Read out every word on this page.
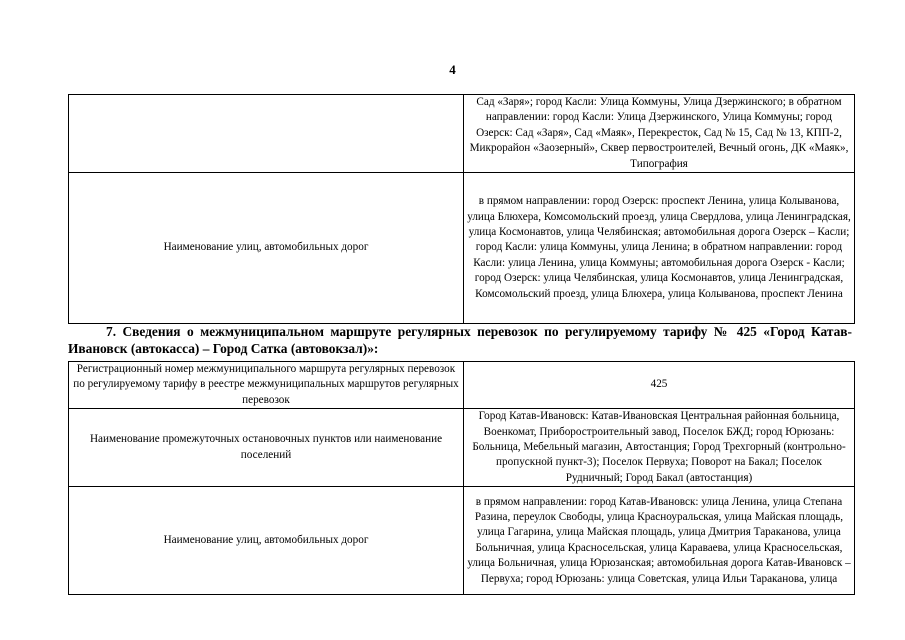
4
	Сад «Заря»; город Касли: Улица Коммуны, Улица Дзержинского; в обратном направлении: город Касли: Улица Дзержинского, Улица Коммуны; город Озерск: Сад «Заря», Сад «Маяк», Перекресток, Сад № 15, Сад № 13, КПП-2, Микрорайон «Заозерный», Сквер первостроителей, Вечный огонь, ДК «Маяк», Типография
Наименование улиц, автомобильных дорог	в прямом направлении: город Озерск: проспект Ленина, улица Колыванова, улица Блюхера, Комсомольский проезд, улица Свердлова, улица Ленинградская, улица Космонавтов, улица Челябинская; автомобильная дорога Озерск – Касли; город Касли: улица Коммуны, улица Ленина; в обратном направлении: город Касли: улица Ленина, улица Коммуны; автомобильная дорога Озерск - Касли; город Озерск: улица Челябинская, улица Космонавтов, улица Ленинградская, Комсомольский проезд, улица Блюхера, улица Колыванова, проспект Ленина
7. Сведения о межмуниципальном маршруте регулярных перевозок по регулируемому тарифу № 425 «Город Катав-Ивановск (автокасса) – Город Сатка (автовокзал)»:
Регистрационный номер межмуниципального маршрута регулярных перевозок по регулируемому тарифу в реестре межмуниципальных маршрутов регулярных перевозок	425
Наименование промежуточных остановочных пунктов или наименование поселений	Город Катав-Ивановск: Катав-Ивановская Центральная районная больница, Военкомат, Приборостроительный завод, Поселок БЖД; город Юрюзань: Больница, Мебельный магазин, Автостанция; Город Трехгорный (контрольно-пропускной пункт-3); Поселок Первуха; Поворот на Бакал; Поселок Рудничный; Город Бакал (автостанция)
Наименование улиц, автомобильных дорог	в прямом направлении: город Катав-Ивановск: улица Ленина, улица Степана Разина, переулок Свободы, улица Красноуральская, улица Майская площадь, улица Гагарина, улица Майская площадь, улица Дмитрия Тараканова, улица Больничная, улица Красносельская, улица Караваева, улица Красносельская, улица Больничная, улица Юрюзанская; автомобильная дорога Катав-Ивановск – Первуха; город Юрюзань: улица Советская, улица Ильи Тараканова, улица
